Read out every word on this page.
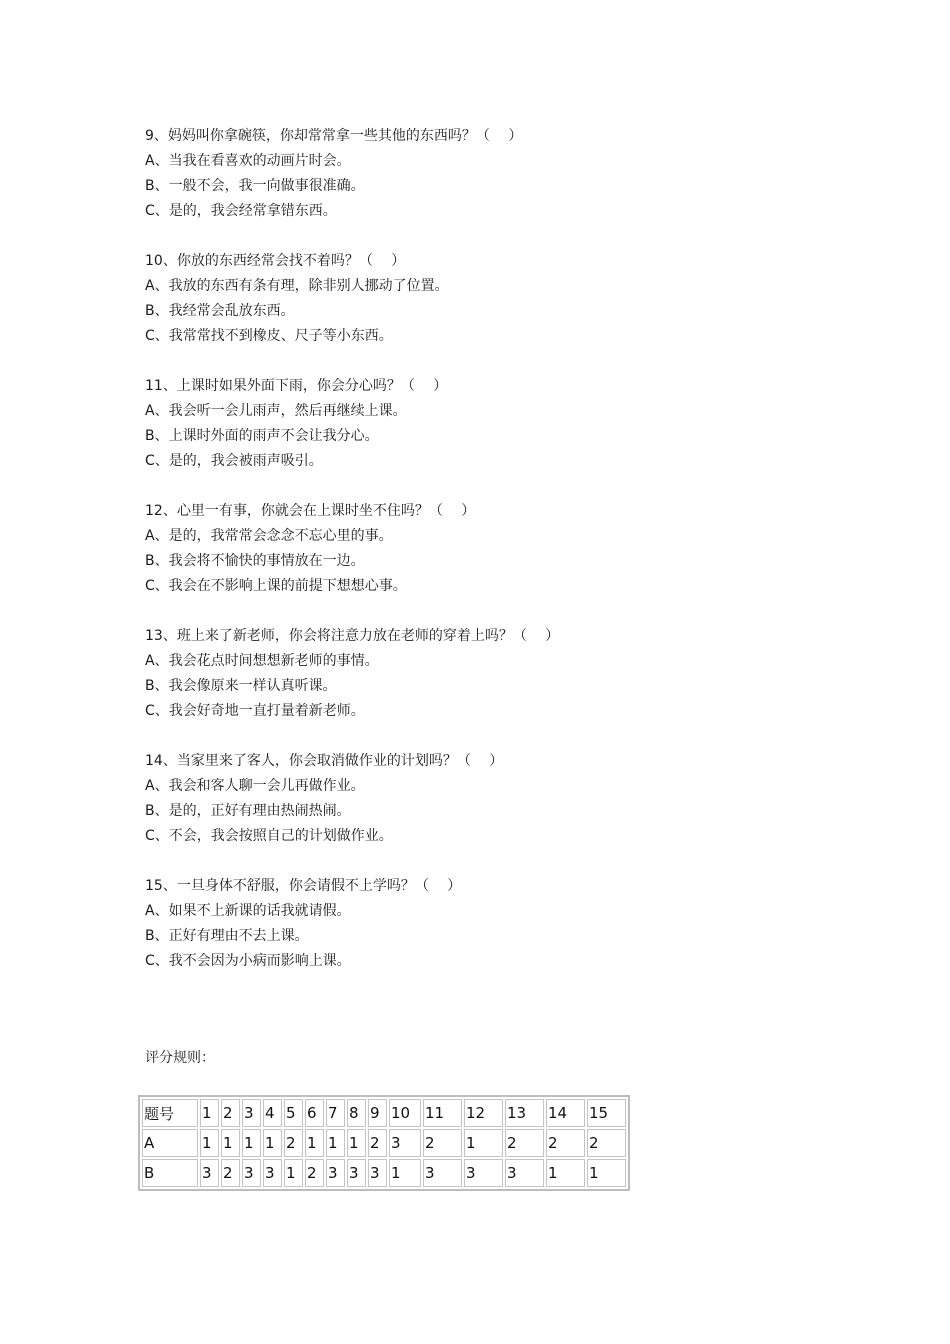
9、妈妈叫你拿碗筷，你却常常拿一些其他的东西吗？（　 ）
A、当我在看喜欢的动画片时会。
B、一般不会，我一向做事很准确。
C、是的，我会经常拿错东西。
10、你放的东西经常会找不着吗？（　 ）
A、我放的东西有条有理，除非别人挪动了位置。
B、我经常会乱放东西。
C、我常常找不到橡皮、尺子等小东西。
11、上课时如果外面下雨，你会分心吗？（　 ）
A、我会听一会儿雨声，然后再继续上课。
B、上课时外面的雨声不会让我分心。
C、是的，我会被雨声吸引。
12、心里一有事，你就会在上课时坐不住吗？（　 ）
A、是的，我常常会念念不忘心里的事。
B、我会将不愉快的事情放在一边。
C、我会在不影响上课的前提下想想心事。
13、班上来了新老师，你会将注意力放在老师的穿着上吗？（　 ）
A、我会花点时间想想新老师的事情。
B、我会像原来一样认真听课。
C、我会好奇地一直打量着新老师。
14、当家里来了客人，你会取消做作业的计划吗？（　 ）
A、我会和客人聊一会儿再做作业。
B、是的，正好有理由热闹热闹。
C、不会，我会按照自己的计划做作业。
15、一旦身体不舒服，你会请假不上学吗？（　 ）
A、如果不上新课的话我就请假。
B、正好有理由不去上课。
C、我不会因为小病而影响上课。
评分规则：
题号	1	2	3	4	5	6	7	8	9	10	11	12	13	14	15
A	1	1	1	1	2	1	1	1	2	3	2	1	2	2	2
B	3	2	3	3	1	2	3	3	3	1	3	3	3	1	1
